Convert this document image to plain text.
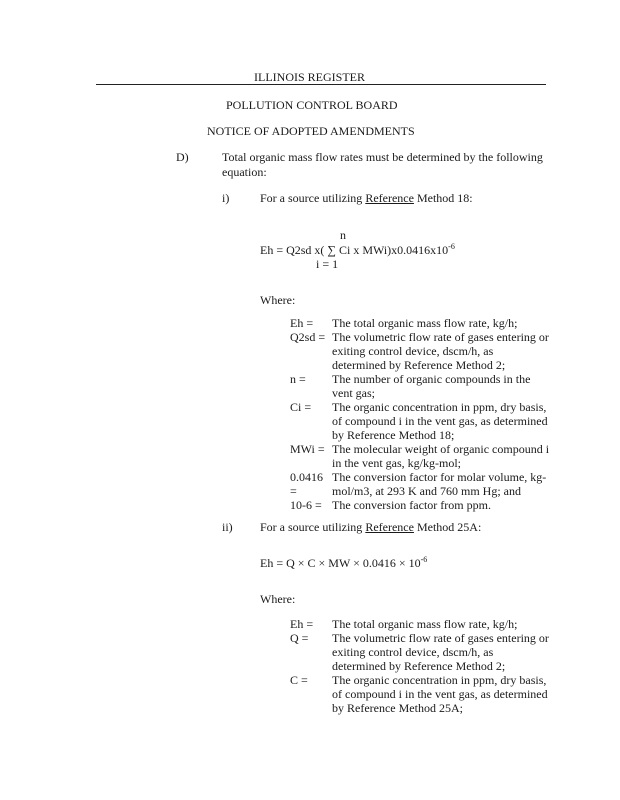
ILLINOIS REGISTER
POLLUTION CONTROL BOARD
NOTICE OF ADOPTED AMENDMENTS
D)	Total organic mass flow rates must be determined by the following
equation:
i)	For a source utilizing Reference Method 18:
n
Eh = Q2sd x( ∑ Ci x $MWi)x0.0416x10^{-6}$
i = 1
Where:
Eh =	The total organic mass flow rate, kg/h;
Q2sd = The volumetric flow rate of gases entering or exiting control device, dscm/h, as determined by Reference Method 2;
n =	The number of organic compounds in the vent gas;
Ci =	The organic concentration in ppm, dry basis, of compound i in the vent gas, as determined by Reference Method 18;
MWi = The molecular weight of organic compound i in the vent gas, kg/kg-mol;
0.0416 =
The conversion factor for molar volume, kg-mol/m3, at 293 K and 760 mm Hg; and
10-6 = The conversion factor from ppm.
ii) For a source utilizing Reference Method 25A:
Eh = Q × C × MW × $0.0416 \times 10^{-6}$
Where:
Eh =	The total organic mass flow rate, kg/h;
Q =	The volumetric flow rate of gases entering or exiting control device, dscm/h, as determined by Reference Method 2;
C =	The organic concentration in ppm, dry basis, of compound i in the vent gas, as determined by Reference Method 25A;
